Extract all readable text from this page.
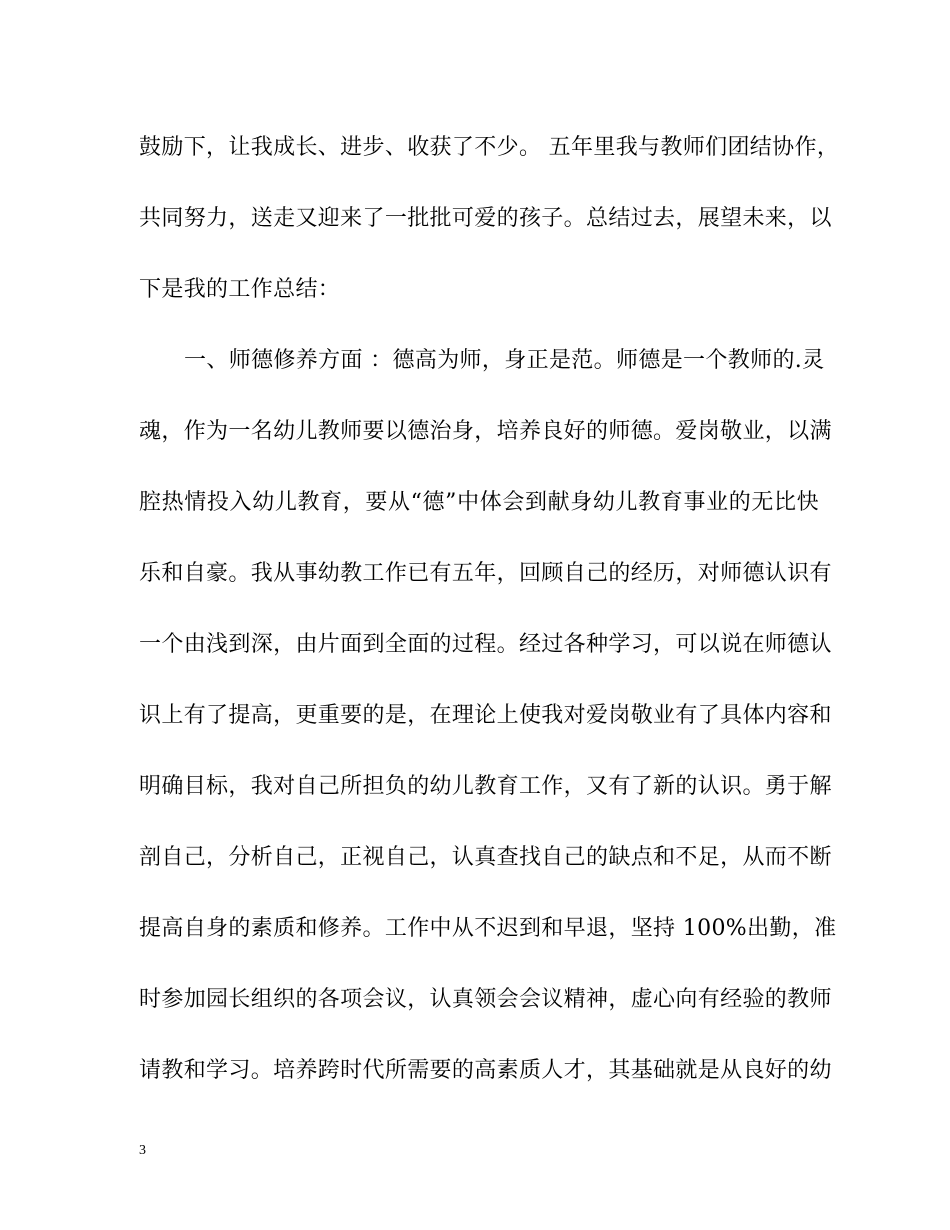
鼓励下，让我成长、进步、收获了不少。 五年里我与教师们团结协作，
共同努力，送走又迎来了一批批可爱的孩子。总结过去，展望未来，以
下是我的工作总结：
一、师德修养方面 ：德高为师，身正是范。师德是一个教师的.灵
魂，作为一名幼儿教师要以德治身，培养良好的师德。爱岗敬业，以满
腔热情投入幼儿教育，要从“德”中体会到献身幼儿教育事业的无比快
乐和自豪。我从事幼教工作已有五年，回顾自己的经历，对师德认识有
一个由浅到深，由片面到全面的过程。经过各种学习，可以说在师德认
识上有了提高，更重要的是，在理论上使我对爱岗敬业有了具体内容和
明确目标，我对自己所担负的幼儿教育工作，又有了新的认识。勇于解
剖自己，分析自己，正视自己，认真查找自己的缺点和不足，从而不断
提高自身的素质和修养。工作中从不迟到和早退，坚持 100%出勤，准
时参加园长组织的各项会议，认真领会会议精神，虚心向有经验的教师
请教和学习。培养跨时代所需要的高素质人才，其基础就是从良好的幼
3
